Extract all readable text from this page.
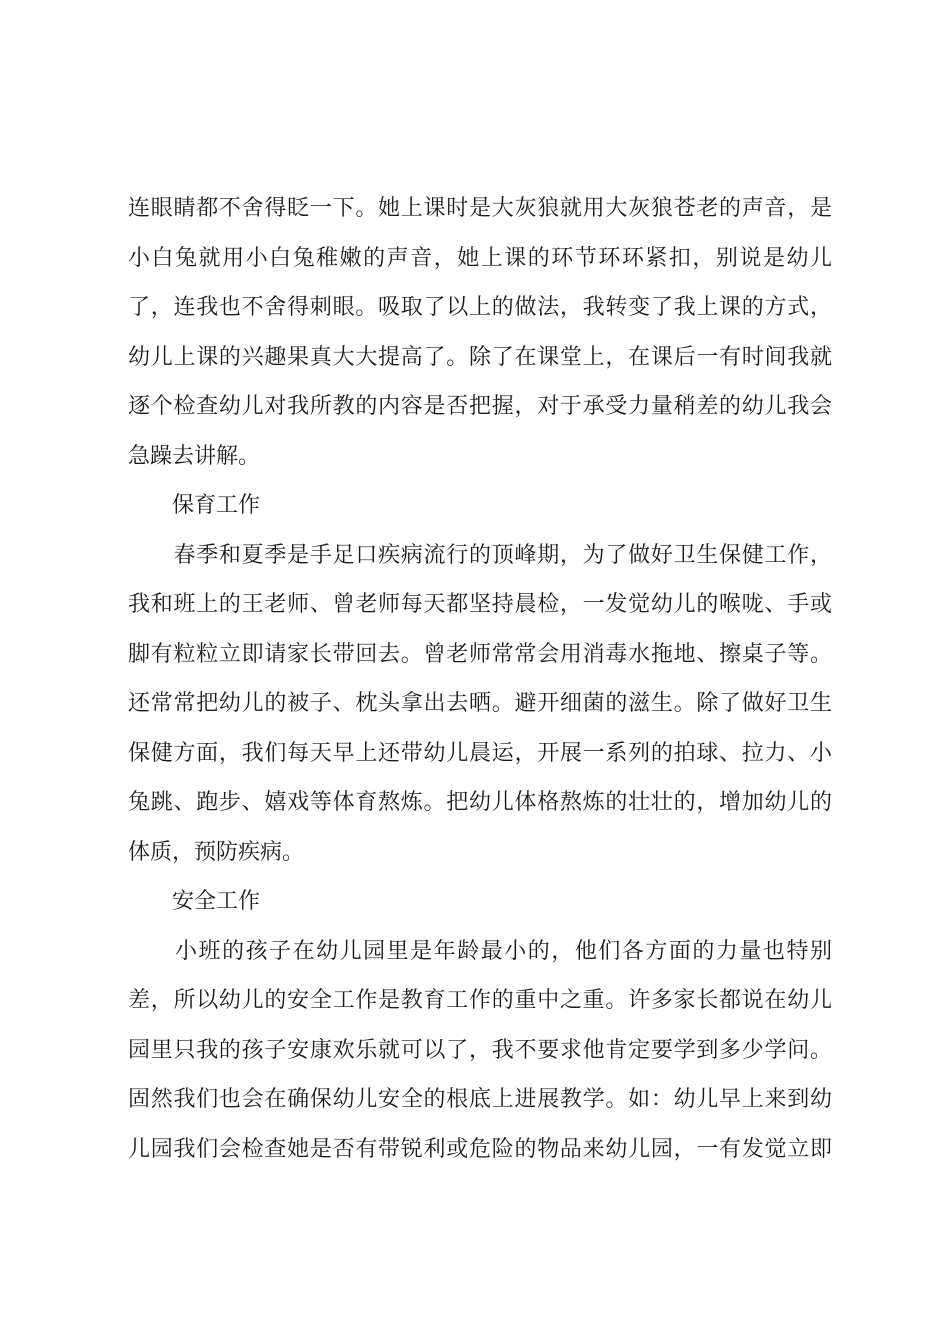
连眼睛都不舍得眨一下。她上课时是大灰狼就用大灰狼苍老的声音，是
小白兔就用小白兔稚嫩的声音，她上课的环节环环紧扣，别说是幼儿
了，连我也不舍得刺眼。吸取了以上的做法，我转变了我上课的方式，
幼儿上课的兴趣果真大大提高了。除了在课堂上，在课后一有时间我就
逐个检查幼儿对我所教的内容是否把握，对于承受力量稍差的幼儿我会
急躁去讲解。
　　保育工作
　　春季和夏季是手足口疾病流行的顶峰期，为了做好卫生保健工作，
我和班上的王老师、曾老师每天都坚持晨检，一发觉幼儿的喉咙、手或
脚有粒粒立即请家长带回去。曾老师常常会用消毒水拖地、擦桌子等。
还常常把幼儿的被子、枕头拿出去晒。避开细菌的滋生。除了做好卫生
保健方面，我们每天早上还带幼儿晨运，开展一系列的拍球、拉力、小
兔跳、跑步、嬉戏等体育熬炼。把幼儿体格熬炼的壮壮的，增加幼儿的
体质，预防疾病。
　　安全工作
　　小班的孩子在幼儿园里是年龄最小的，他们各方面的力量也特别
差，所以幼儿的安全工作是教育工作的重中之重。许多家长都说在幼儿
园里只我的孩子安康欢乐就可以了，我不要求他肯定要学到多少学问。
固然我们也会在确保幼儿安全的根底上进展教学。如：幼儿早上来到幼
儿园我们会检查她是否有带锐利或危险的物品来幼儿园，一有发觉立即
